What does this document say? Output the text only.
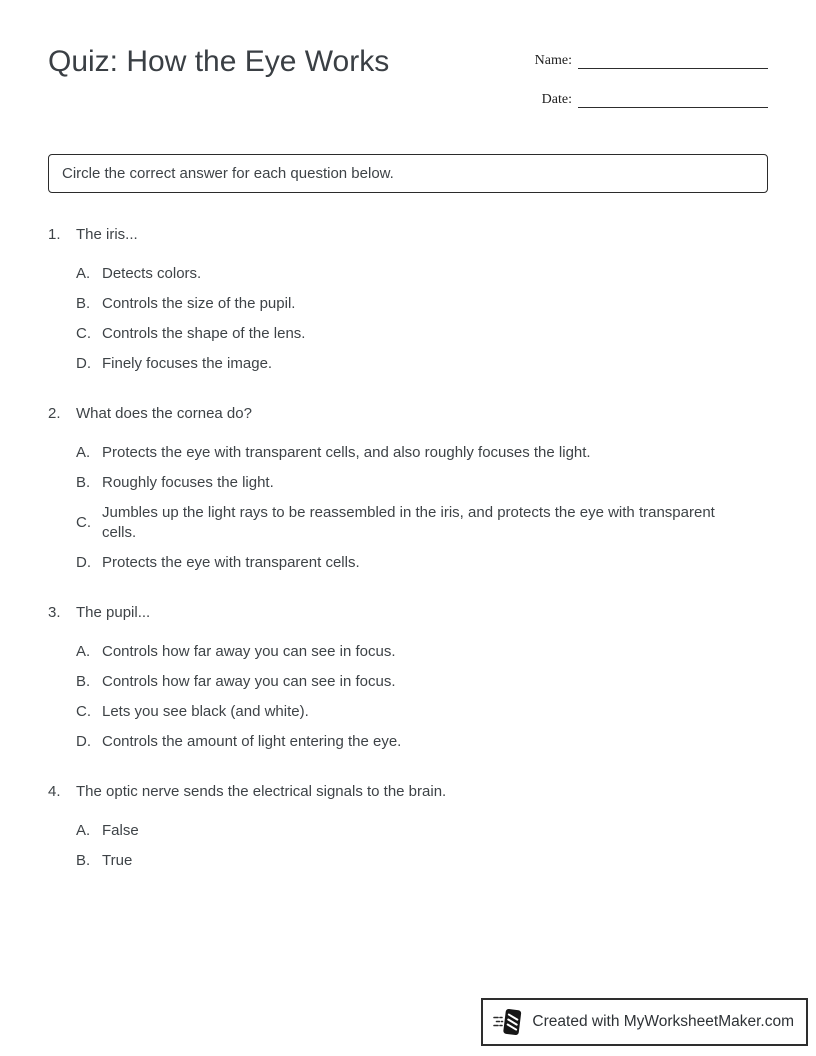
Quiz: How the Eye Works	Name:
Date:
Circle the correct answer for each question below.
1.	The iris...
A. Detects colors.
B. Controls the size of the pupil.
C. Controls the shape of the lens.
D. Finely focuses the image.
2.	What does the cornea do?
A. Protects the eye with transparent cells, and also roughly focuses the light.
B. Roughly focuses the light.
C.
Jumbles up the light rays to be reassembled in the iris, and protects the eye with transparent cells.
D. Protects the eye with transparent cells.
3.	The pupil...
A. Controls how far away you can see in focus.
B. Controls how far away you can see in focus.
C. Lets you see black (and white).
D. Controls the amount of light entering the eye.
4.	The optic nerve sends the electrical signals to the brain.
A. False
B. True
Created with MyWorksheetMaker.com
